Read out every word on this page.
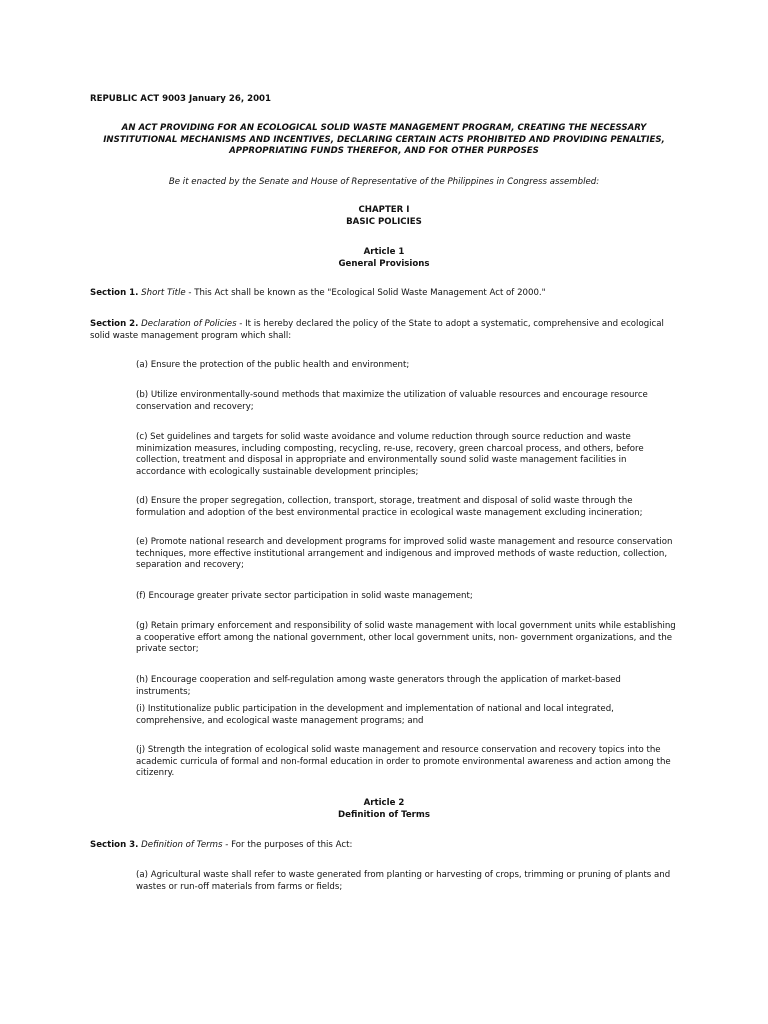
REPUBLIC ACT 9003 January 26, 2001

AN ACT PROVIDING FOR AN ECOLOGICAL SOLID WASTE MANAGEMENT PROGRAM, CREATING THE NECESSARY INSTITUTIONAL MECHANISMS AND INCENTIVES, DECLARING CERTAIN ACTS PROHIBITED AND PROVIDING PENALTIES, APPROPRIATING FUNDS THEREFOR, AND FOR OTHER PURPOSES

Be it enacted by the Senate and House of Representative of the Philippines in Congress assembled:

CHAPTER I

BASIC POLICIES

Article 1

General Provisions

Section 1. Short Title - This Act shall be known as the "Ecological Solid Waste Management Act of 2000."

Section 2. Declaration of Policies - It is hereby declared the policy of the State to adopt a systematic, comprehensive and ecological solid waste management program which shall:

(a) Ensure the protection of the public health and environment;

(b) Utilize environmentally-sound methods that maximize the utilization of valuable resources and encourage resource conservation and recovery;

(c) Set guidelines and targets for solid waste avoidance and volume reduction through source reduction and waste minimization measures, including composting, recycling, re-use, recovery, green charcoal process, and others, before collection, treatment and disposal in appropriate and environmentally sound solid waste management facilities in accordance with ecologically sustainable development principles;

(d) Ensure the proper segregation, collection, transport, storage, treatment and disposal of solid waste through the formulation and adoption of the best environmental practice in ecological waste management excluding incineration;

(e) Promote national research and development programs for improved solid waste management and resource conservation techniques, more effective institutional arrangement and indigenous and improved methods of waste reduction, collection, separation and recovery;

(f) Encourage greater private sector participation in solid waste management;

(g) Retain primary enforcement and responsibility of solid waste management with local government units while establishing a cooperative effort among the national government, other local government units, non- government organizations, and the private sector;

(h) Encourage cooperation and self-regulation among waste generators through the application of market-based instruments;

(i) Institutionalize public participation in the development and implementation of national and local integrated, comprehensive, and ecological waste management programs; and

(j) Strength the integration of ecological solid waste management and resource conservation and recovery topics into the academic curricula of formal and non-formal education in order to promote environmental awareness and action among the citizenry.

Article 2

Definition of Terms

Section 3. Definition of Terms - For the purposes of this Act:

(a) Agricultural waste shall refer to waste generated from planting or harvesting of crops, trimming or pruning of plants and wastes or run-off materials from farms or fields;
